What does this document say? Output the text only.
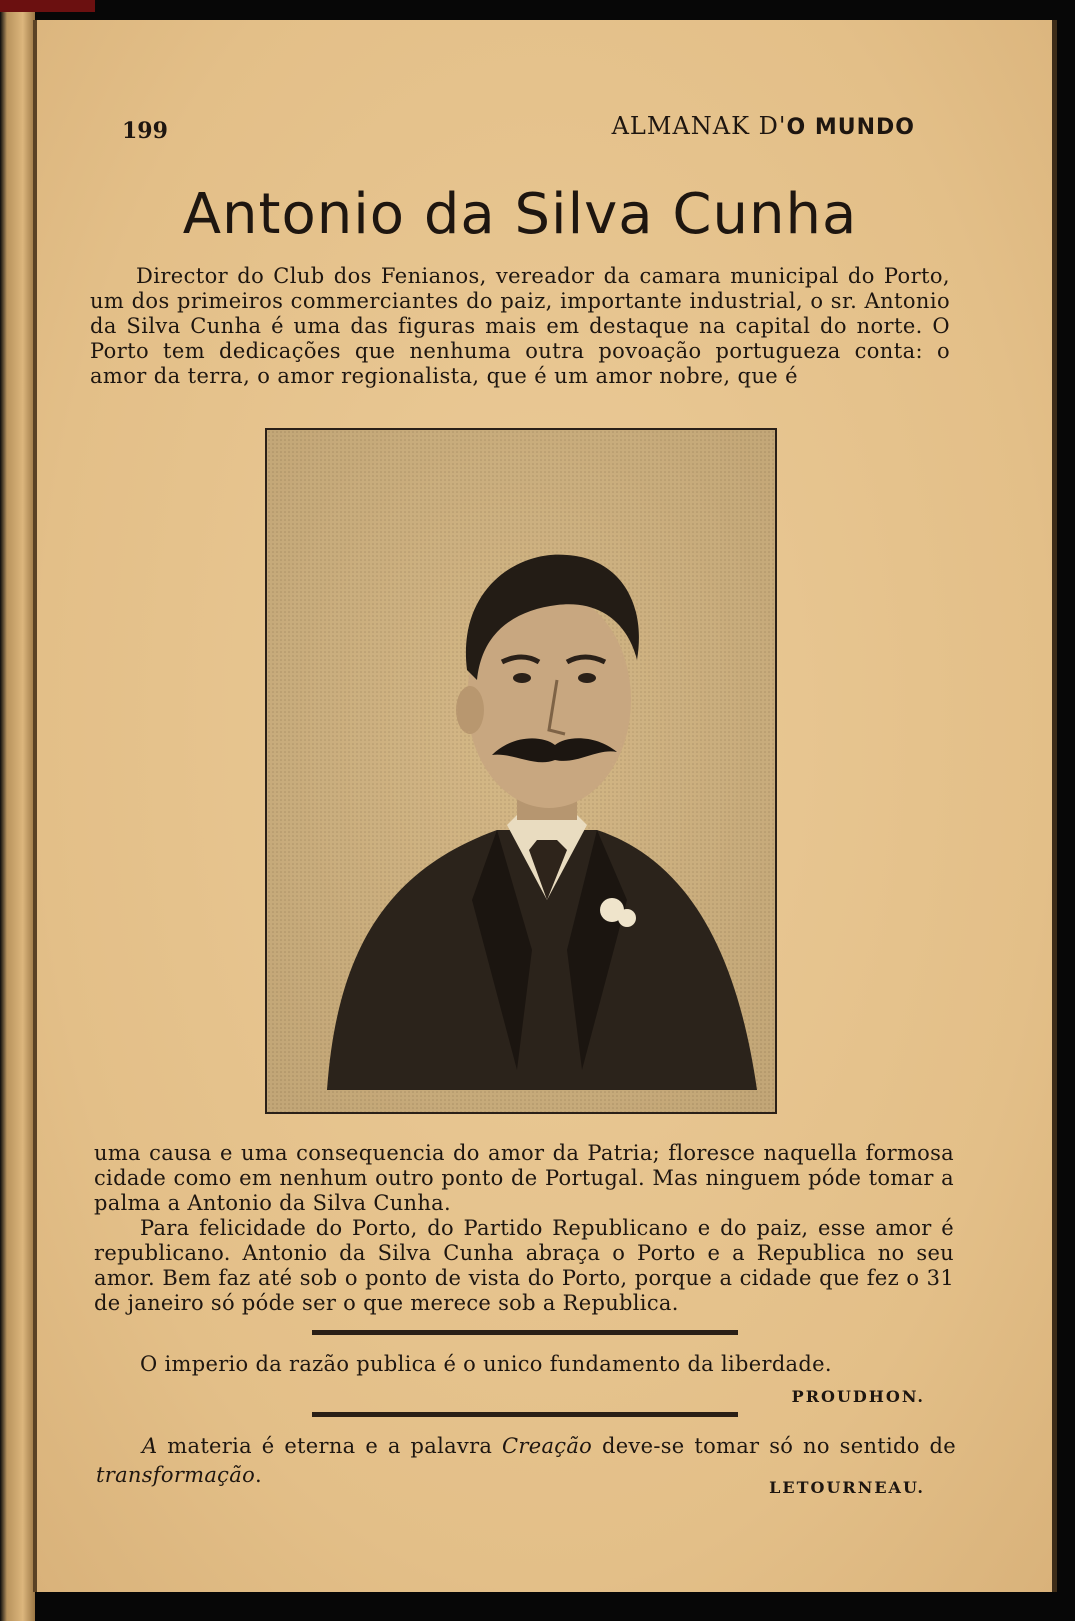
199	ALMANAK D'O MUNDO
Antonio da Silva Cunha
Director do Club dos Fenianos, vereador da camara municipal do Porto, um dos primeiros commerciantes do paiz, importante industrial, o sr. Antonio da Silva Cunha é uma das figuras mais em destaque na capital do norte. O Porto tem dedicações que nenhuma outra povoação portugueza conta: o amor da terra, o amor regionalista, que é um amor nobre, que é
uma causa e uma consequencia do amor da Patria; floresce naquella formosa cidade como em nenhum outro ponto de Portugal. Mas ninguem póde tomar a palma a Antonio da Silva Cunha.
Para felicidade do Porto, do Partido Republicano e do paiz, esse amor é republicano. Antonio da Silva Cunha abraça o Porto e a Republica no seu amor. Bem faz até sob o ponto de vista do Porto, porque a cidade que fez o 31 de janeiro só póde ser o que merece sob a Republica.
O imperio da razão publica é o unico fundamento da liberdade.
PROUDHON.
A materia é eterna e a palavra Creação deve-se tomar só no sentido de transformação.
LETOURNEAU.
